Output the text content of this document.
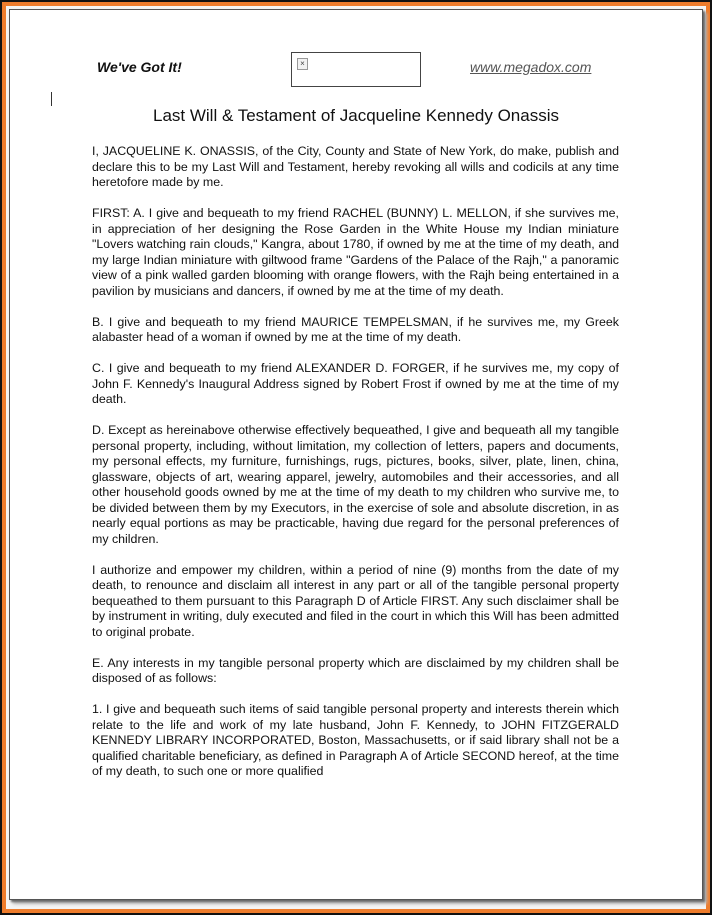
We've Got It!	×	www.megadox.com
Last Will & Testament of Jacqueline Kennedy Onassis

I, JACQUELINE K. ONASSIS, of the City, County and State of New York, do make, publish and declare this to be my Last Will and Testament, hereby revoking all wills and codicils at any time heretofore made by me.

FIRST: A. I give and bequeath to my friend RACHEL (BUNNY) L. MELLON, if she survives me, in appreciation of her designing the Rose Garden in the White House my Indian miniature "Lovers watching rain clouds," Kangra, about 1780, if owned by me at the time of my death, and my large Indian miniature with giltwood frame "Gardens of the Palace of the Rajh," a panoramic view of a pink walled garden blooming with orange flowers, with the Rajh being entertained in a pavilion by musicians and dancers, if owned by me at the time of my death.

B. I give and bequeath to my friend MAURICE TEMPELSMAN, if he survives me, my Greek alabaster head of a woman if owned by me at the time of my death.

C. I give and bequeath to my friend ALEXANDER D. FORGER, if he survives me, my copy of John F. Kennedy's Inaugural Address signed by Robert Frost if owned by me at the time of my death.

D. Except as hereinabove otherwise effectively bequeathed, I give and bequeath all my tangible personal property, including, without limitation, my collection of letters, papers and documents, my personal effects, my furniture, furnishings, rugs, pictures, books, silver, plate, linen, china, glassware, objects of art, wearing apparel, jewelry, automobiles and their accessories, and all other household goods owned by me at the time of my death to my children who survive me, to be divided between them by my Executors, in the exercise of sole and absolute discretion, in as nearly equal portions as may be practicable, having due regard for the personal preferences of my children.

I authorize and empower my children, within a period of nine (9) months from the date of my death, to renounce and disclaim all interest in any part or all of the tangible personal property bequeathed to them pursuant to this Paragraph D of Article FIRST. Any such disclaimer shall be by instrument in writing, duly executed and filed in the court in which this Will has been admitted to original probate.

E. Any interests in my tangible personal property which are disclaimed by my children shall be disposed of as follows:

1. I give and bequeath such items of said tangible personal property and interests therein which relate to the life and work of my late husband, John F. Kennedy, to JOHN FITZGERALD KENNEDY LIBRARY INCORPORATED, Boston, Massachusetts, or if said library shall not be a qualified charitable beneficiary, as defined in Paragraph A of Article SECOND hereof, at the time of my death, to such one or more qualified
